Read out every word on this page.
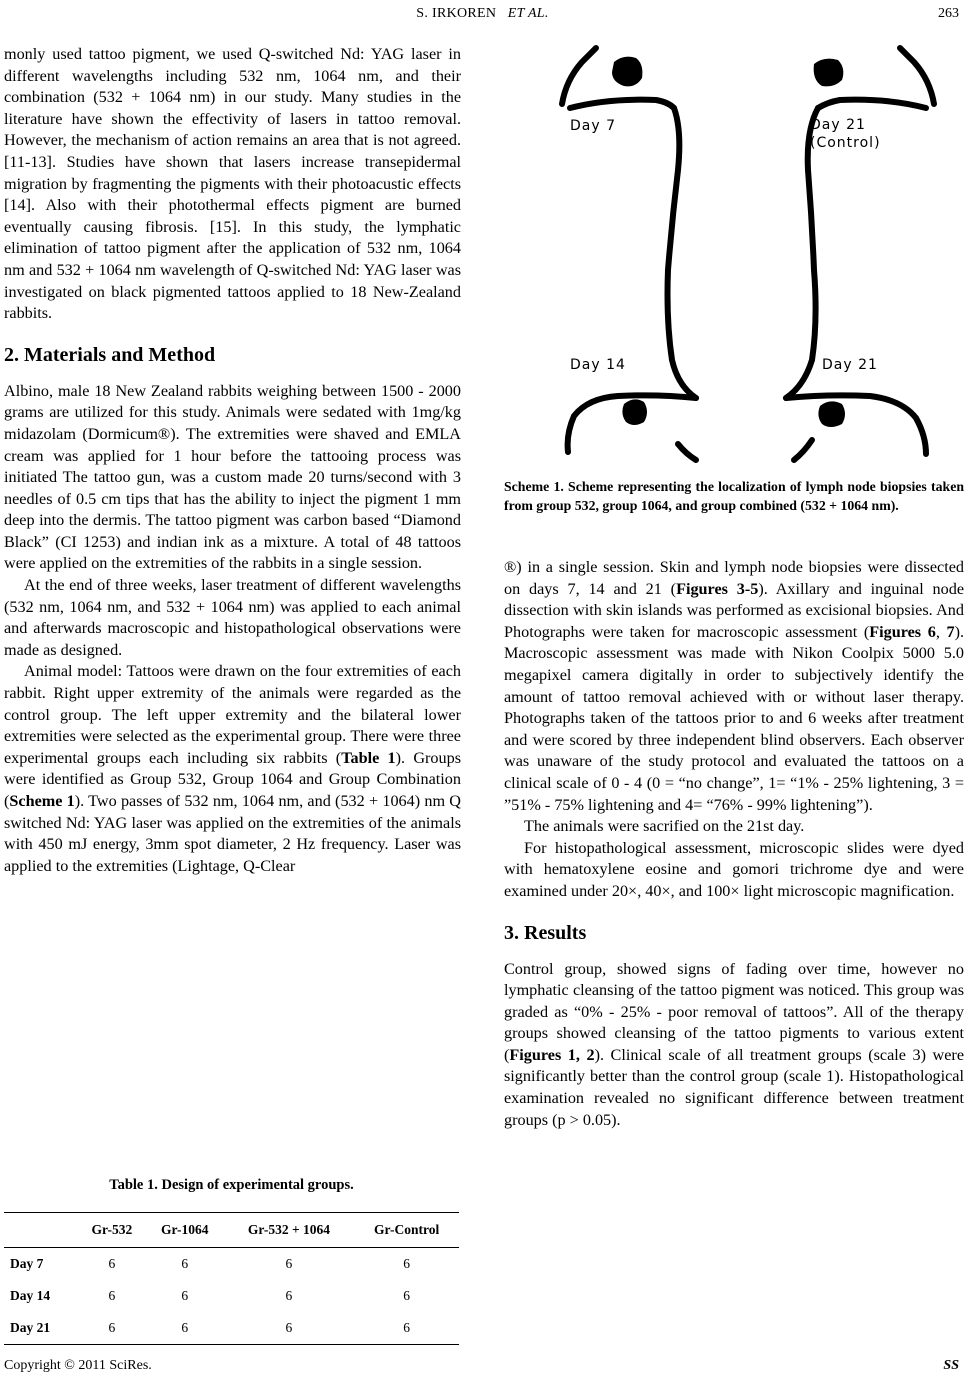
S. IRKOREN ET AL.	263

monly used tattoo pigment, we used Q-switched Nd: YAG laser in different wavelengths including 532 nm, 1064 nm, and their combination (532 + 1064 nm) in our study. Many studies in the literature have shown the effectivity of lasers in tattoo removal. However, the mechanism of action remains an area that is not agreed. [11-13]. Studies have shown that lasers increase transepidermal migration by fragmenting the pigments with their photoacustic effects [14]. Also with their photothermal effects pigment are burned eventually causing fibrosis. [15]. In this study, the lymphatic elimination of tattoo pigment after the application of 532 nm, 1064 nm and 532 + 1064 nm wavelength of Q-switched Nd: YAG laser was investigated on black pigmented tattoos applied to 18 New-Zealand rabbits.

2. Materials and Method

Albino, male 18 New Zealand rabbits weighing between 1500 - 2000 grams are utilized for this study. Animals were sedated with 1mg/kg midazolam (Dormicum®). The extremities were shaved and EMLA cream was applied for 1 hour before the tattooing process was initiated The tattoo gun, was a custom made 20 turns/second with 3 needles of 0.5 cm tips that has the ability to inject the pigment 1 mm deep into the dermis. The tattoo pigment was carbon based “Diamond Black” (CI 1253) and indian ink as a mixture. A total of 48 tattoos were applied on the extremities of the rabbits in a single session.

At the end of three weeks, laser treatment of different wavelengths (532 nm, 1064 nm, and 532 + 1064 nm) was applied to each animal and afterwards macroscopic and histopathological observations were made as designed.

Animal model: Tattoos were drawn on the four extremities of each rabbit. Right upper extremity of the animals were regarded as the control group. The left upper extremity and the bilateral lower extremities were selected as the experimental group. There were three experimental groups each including six rabbits (Table 1). Groups were identified as Group 532, Group 1064 and Group Combination (Scheme 1). Two passes of 532 nm, 1064 nm, and (532 + 1064) nm Q switched Nd: YAG laser was applied on the extremities of the animals with 450 mJ energy, 3mm spot diameter, 2 Hz frequency. Laser was applied to the extremities (Lightage, Q-Clear

Day 7	Day 21
(Control)
Day 14	Day 21
Scheme 1. Scheme representing the localization of lymph node biopsies taken from group 532, group 1064, and group combined (532 + 1064 nm).

®) in a single session. Skin and lymph node biopsies were dissected on days 7, 14 and 21 (Figures 3-5). Axillary and inguinal node dissection with skin islands was performed as excisional biopsies. And Photographs were taken for macroscopic assessment (Figures 6, 7). Macroscopic assessment was made with Nikon Coolpix 5000 5.0 megapixel camera digitally in order to subjectively identify the amount of tattoo removal achieved with or without laser therapy. Photographs taken of the tattoos prior to and 6 weeks after treatment and were scored by three independent blind observers. Each observer was unaware of the study protocol and evaluated the tattoos on a clinical scale of 0 - 4 (0 = “no change”, 1= “1% - 25% lightening, 3 = ”51% - 75% lightening and 4= “76% - 99% lightening”).

The animals were sacrified on the 21st day.

For histopathological assessment, microscopic slides were dyed with hematoxylene eosine and gomori trichrome dye and were examined under 20×, 40×, and 100× light microscopic magnification.

3. Results

Control group, showed signs of fading over time, however no lymphatic cleansing of the tattoo pigment was noticed. This group was graded as “0% - 25% - poor removal of tattoos”. All of the therapy groups showed cleansing of the tattoo pigments to various extent (Figures 1, 2). Clinical scale of all treatment groups (scale 3) were significantly better than the control group (scale 1). Histopathological examination revealed no significant difference between treatment groups (p > 0.05).

Table 1. Design of experimental groups.
	Gr-532	Gr-1064	Gr-532 + 1064	Gr-Control
Day 7	6	6	6	6
Day 14	6	6	6	6
Day 21	6	6	6	6
Copyright © 2011 SciRes.	SS
